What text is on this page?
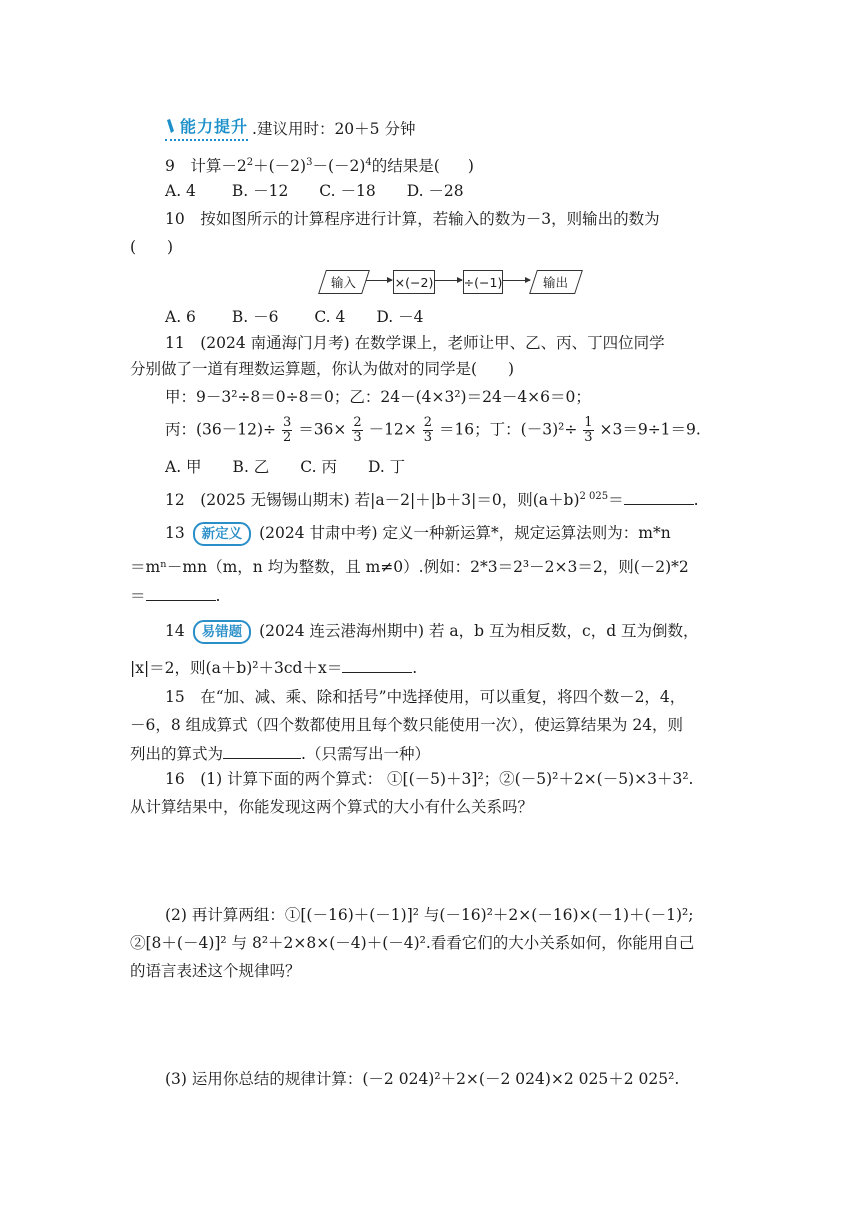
能力提升 .建议用时：20＋5 分钟
9　计算$-2^2+(-2)^3-(-2)^4$的结果是( )
A. 4　　 B. －12　　C. －18　　D. －28
10　按如图所示的计算程序进行计算，若输入的数为－3，则输出的数为
(　　)
输入	×(−2) ÷(−1)	输出
A. 6　　 B. －6　　 C. 4　　D. －4
11　(2024 南通海门月考) 在数学课上，老师让甲、乙、丙、丁四位同学
分别做了一道有理数运算题，你认为做对的同学是(　　)
甲：9－3²÷8＝0÷8＝0；乙：24－(4×3²)＝24－4×6＝0；
丙：$(36-12)\div \frac{3}{2} =36\times \frac{2}{3} -12\times \frac{2}{3} =16$；丁：$(-3)^2\div \frac{1}{3} \times 3=9\div 1=9$.
A. 甲　　B. 乙　　C. 丙　　D. 丁
12　(2025 无锡锡山期末) 若|a－2|＋|b＋3|＝0，则$(a+b)^{2 025}=$	.
13 新定义 (2024 甘肃中考) 定义一种新运算*，规定运算法则为：m*n
＝mⁿ－mn（m，n 均为整数，且 m≠0）.例如：2*3＝2³－2×3＝2，则(－2)*2
＝	.
14 易错题 (2024 连云港海州期中) 若 a，b 互为相反数，c，d 互为倒数，
|x|＝2，则(a＋b)²＋3cd＋x＝	.
15　在“加、减、乘、除和括号”中选择使用，可以重复，将四个数－2，4，
－6，8 组成算式（四个数都使用且每个数只能使用一次），使运算结果为 24，则
列出的算式为	.（只需写出一种）
16　(1) 计算下面的两个算式： ①[(－5)＋3]²；②(－5)²＋2×(－5)×3＋3².
从计算结果中，你能发现这两个算式的大小有什么关系吗？
(2) 再计算两组：①[(－16)＋(－1)]² 与(－16)²＋2×(－16)×(－1)＋(－1)²;
②[8＋(－4)]² 与 8²＋2×8×(－4)＋(－4)².看看它们的大小关系如何，你能用自己
的语言表述这个规律吗？
(3) 运用你总结的规律计算：(－2 024)²＋2×(－2 024)×2 025＋2 025².
